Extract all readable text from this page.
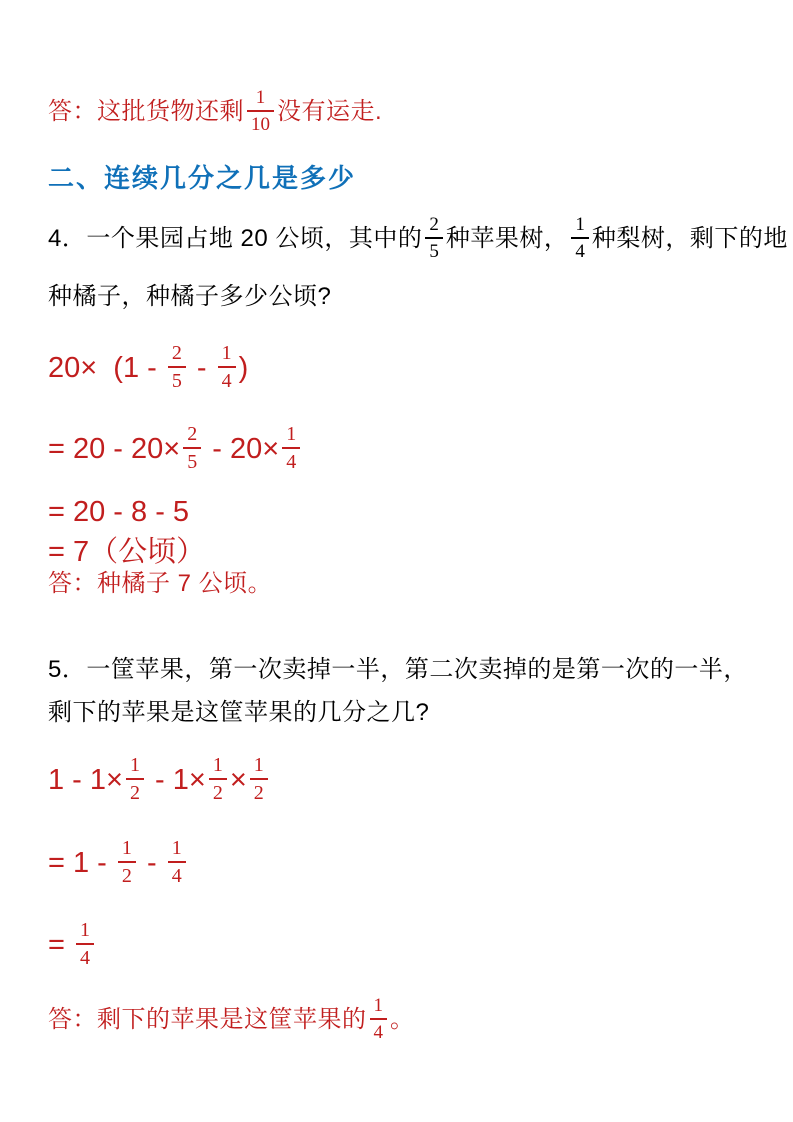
答：这批货物还剩 $\frac{1}{10}$ 没有运走.

二、连续几分之几是多少

4．一个果园占地 20 公顷，其中的 $\frac{2}{5}$ 种苹果树， $\frac{1}{4}$ 种梨树，剩下的地

种橘子，种橘子多少公顷?

$20\times (1 - \frac{2}{5} - \frac{1}{4}$ )

= $20 - 20\times \frac{2}{5} - 20\times \frac{1}{4}$

= 20 - 8 - 5

= 7（公顷）

答：种橘子 7 公顷。

5．一筐苹果，第一次卖掉一半，第二次卖掉的是第一次的一半，

剩下的苹果是这筐苹果的几分之几?

$1 - 1\times \frac{1}{2} - 1\times \frac{1}{2} \times \frac{1}{2}$

= $1 - \frac{1}{2} - \frac{1}{4}$

= $\frac{1}{4}$

答：剩下的苹果是这筐苹果的 $\frac{1}{4}$ 。
